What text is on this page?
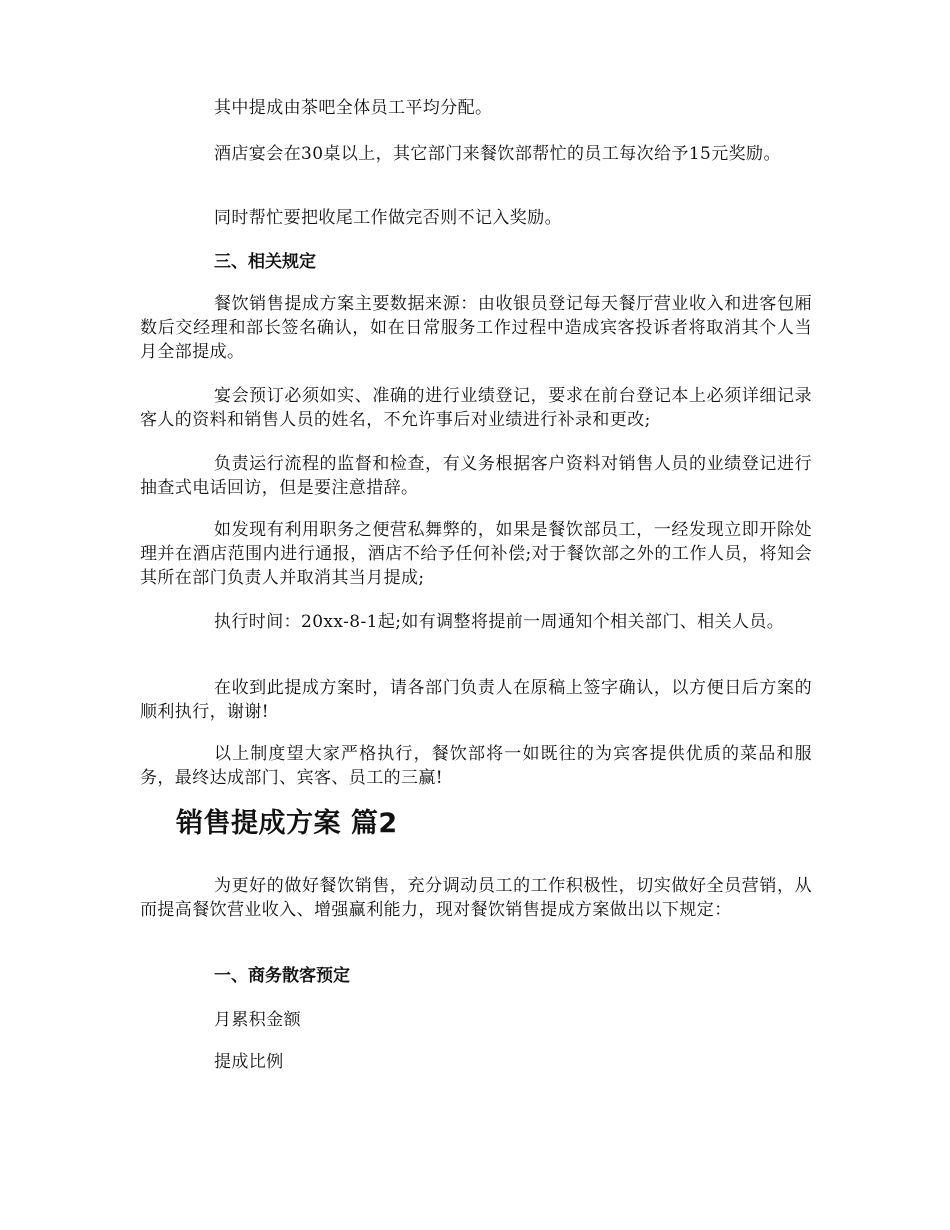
其中提成由茶吧全体员工平均分配。

酒店宴会在30桌以上，其它部门来餐饮部帮忙的员工每次给予15元奖励。

同时帮忙要把收尾工作做完否则不记入奖励。

三、相关规定

餐饮销售提成方案主要数据来源：由收银员登记每天餐厅营业收入和进客包厢数后交经理和部长签名确认，如在日常服务工作过程中造成宾客投诉者将取消其个人当月全部提成。

宴会预订必须如实、准确的进行业绩登记，要求在前台登记本上必须详细记录客人的资料和销售人员的姓名，不允许事后对业绩进行补录和更改;

负责运行流程的监督和检查，有义务根据客户资料对销售人员的业绩登记进行抽查式电话回访，但是要注意措辞。

如发现有利用职务之便营私舞弊的，如果是餐饮部员工，一经发现立即开除处理并在酒店范围内进行通报，酒店不给予任何补偿;对于餐饮部之外的工作人员，将知会其所在部门负责人并取消其当月提成;

执行时间：20xx-8-1起;如有调整将提前一周通知个相关部门、相关人员。

在收到此提成方案时，请各部门负责人在原稿上签字确认，以方便日后方案的顺利执行，谢谢!

以上制度望大家严格执行，餐饮部将一如既往的为宾客提供优质的菜品和服务，最终达成部门、宾客、员工的三赢!

销售提成方案 篇2

为更好的做好餐饮销售，充分调动员工的工作积极性，切实做好全员营销，从而提高餐饮营业收入、增强赢利能力，现对餐饮销售提成方案做出以下规定：

一、商务散客预定

月累积金额

提成比例
